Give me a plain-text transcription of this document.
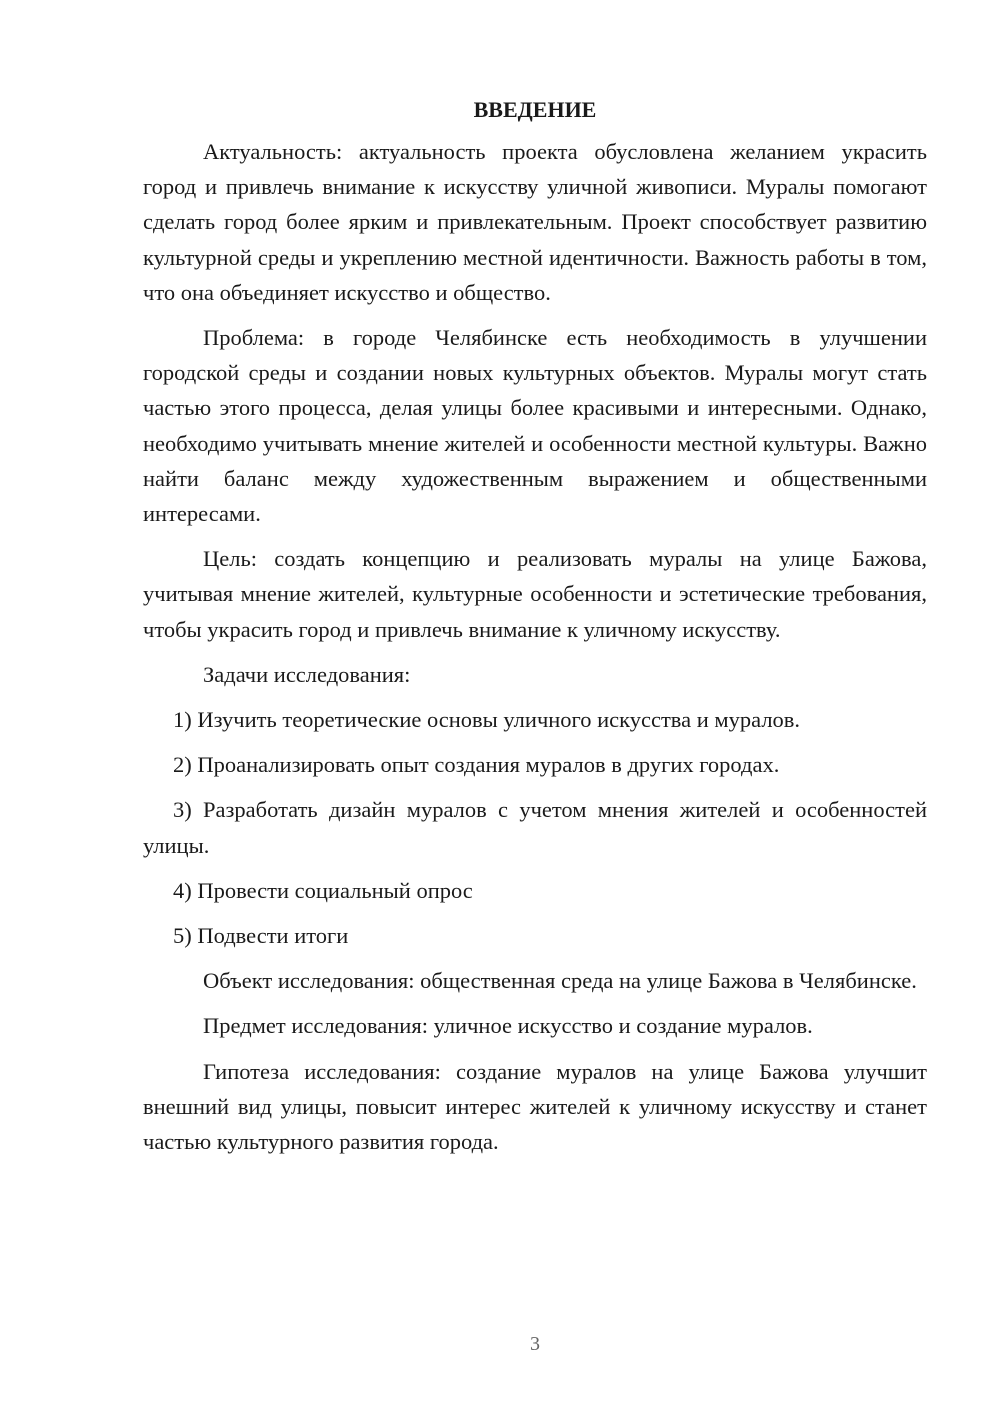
ВВЕДЕНИЕ

Актуальность: актуальность проекта обусловлена желанием украсить город и привлечь внимание к искусству уличной живописи. Муралы помогают сделать город более ярким и привлекательным. Проект способствует развитию культурной среды и укреплению местной идентичности. Важность работы в том, что она объединяет искусство и общество.

Проблема: в городе Челябинске есть необходимость в улучшении городской среды и создании новых культурных объектов. Муралы могут стать частью этого процесса, делая улицы более красивыми и интересными. Однако, необходимо учитывать мнение жителей и особенности местной культуры. Важно найти баланс между художественным выражением и общественными интересами.

Цель: создать концепцию и реализовать муралы на улице Бажова, учитывая мнение жителей, культурные особенности и эстетические требования, чтобы украсить город и привлечь внимание к уличному искусству.

Задачи исследования:

1) Изучить теоретические основы уличного искусства и муралов.

2) Проанализировать опыт создания муралов в других городах.

3) Разработать дизайн муралов с учетом мнения жителей и особенностей улицы.

4) Провести социальный опрос

5) Подвести итоги

Объект исследования: общественная среда на улице Бажова в Челябинске.

Предмет исследования: уличное искусство и создание муралов.

Гипотеза исследования: создание муралов на улице Бажова улучшит внешний вид улицы, повысит интерес жителей к уличному искусству и станет частью культурного развития города.

3
